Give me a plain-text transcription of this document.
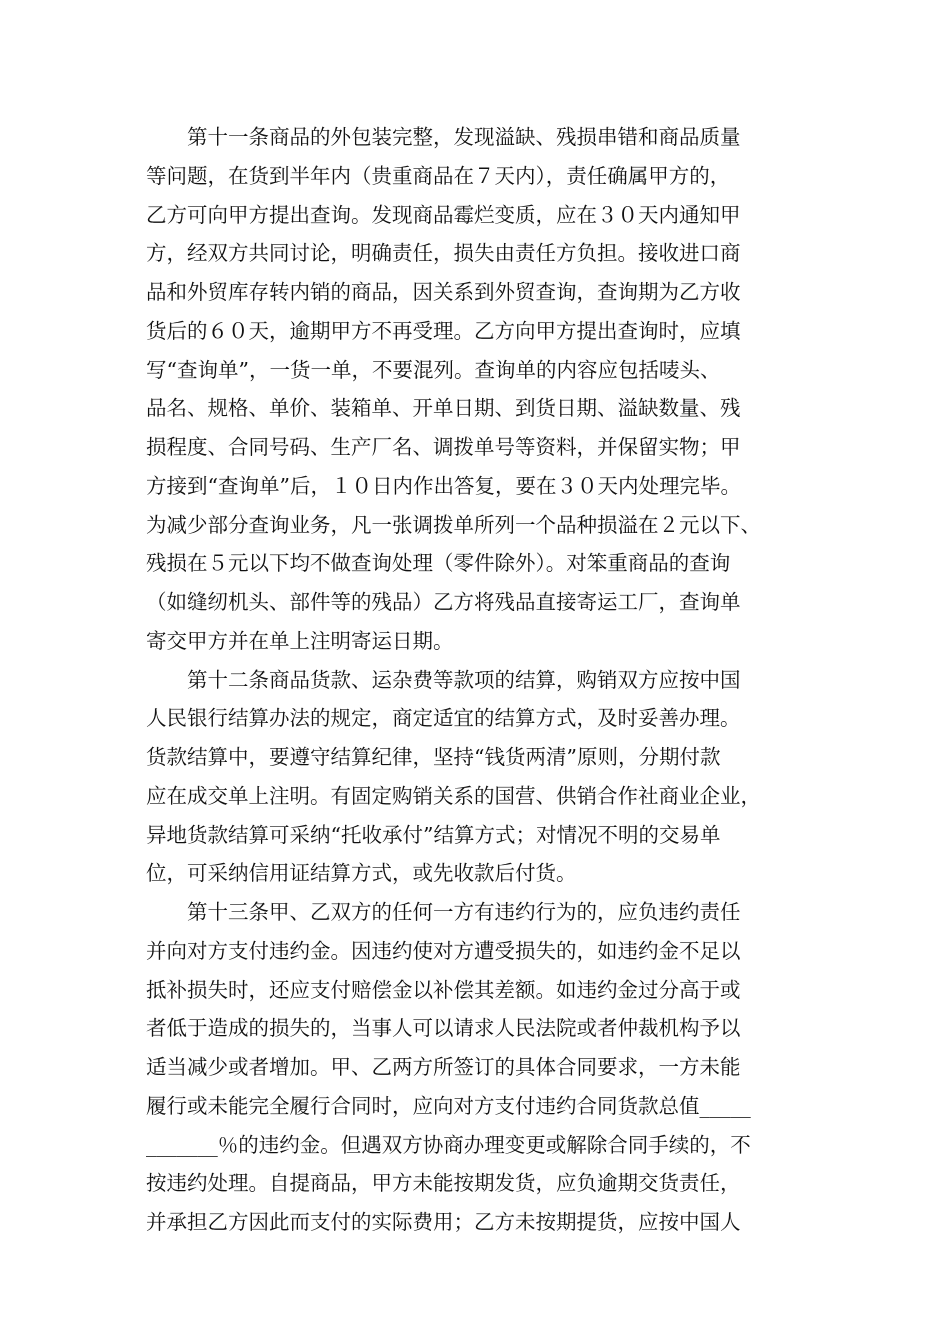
第十一条商品的外包装完整，发现溢缺、残损串错和商品质量
等问题，在货到半年内（贵重商品在７天内），责任确属甲方的，
乙方可向甲方提出查询。发现商品霉烂变质，应在３０天内通知甲
方，经双方共同讨论，明确责任，损失由责任方负担。接收进口商
品和外贸库存转内销的商品，因关系到外贸查询，查询期为乙方收
货后的６０天，逾期甲方不再受理。乙方向甲方提出查询时，应填
写“查询单”，一货一单，不要混列。查询单的内容应包括唛头、
品名、规格、单价、装箱单、开单日期、到货日期、溢缺数量、残
损程度、合同号码、生产厂名、调拨单号等资料，并保留实物；甲
方接到“查询单”后，１０日内作出答复，要在３０天内处理完毕。
为减少部分查询业务，凡一张调拨单所列一个品种损溢在２元以下、
残损在５元以下均不做查询处理（零件除外）。对笨重商品的查询
（如缝纫机头、部件等的残品）乙方将残品直接寄运工厂，查询单
寄交甲方并在单上注明寄运日期。
第十二条商品货款、运杂费等款项的结算，购销双方应按中国
人民银行结算办法的规定，商定适宜的结算方式，及时妥善办理。
货款结算中，要遵守结算纪律，坚持“钱货两清”原则，分期付款
应在成交单上注明。有固定购销关系的国营、供销合作社商业企业，
异地货款结算可采纳“托收承付”结算方式；对情况不明的交易单
位，可采纳信用证结算方式，或先收款后付货。
第十三条甲、乙双方的任何一方有违约行为的，应负违约责任
并向对方支付违约金。因违约使对方遭受损失的，如违约金不足以
抵补损失时，还应支付赔偿金以补偿其差额。如违约金过分高于或
者低于造成的损失的，当事人可以请求人民法院或者仲裁机构予以
适当减少或者增加。甲、乙两方所签订的具体合同要求，一方未能
履行或未能完全履行合同时，应向对方支付违约合同货款总值_____
_______％的违约金。但遇双方协商办理变更或解除合同手续的，不
按违约处理。自提商品，甲方未能按期发货，应负逾期交货责任，
并承担乙方因此而支付的实际费用；乙方未按期提货，应按中国人
